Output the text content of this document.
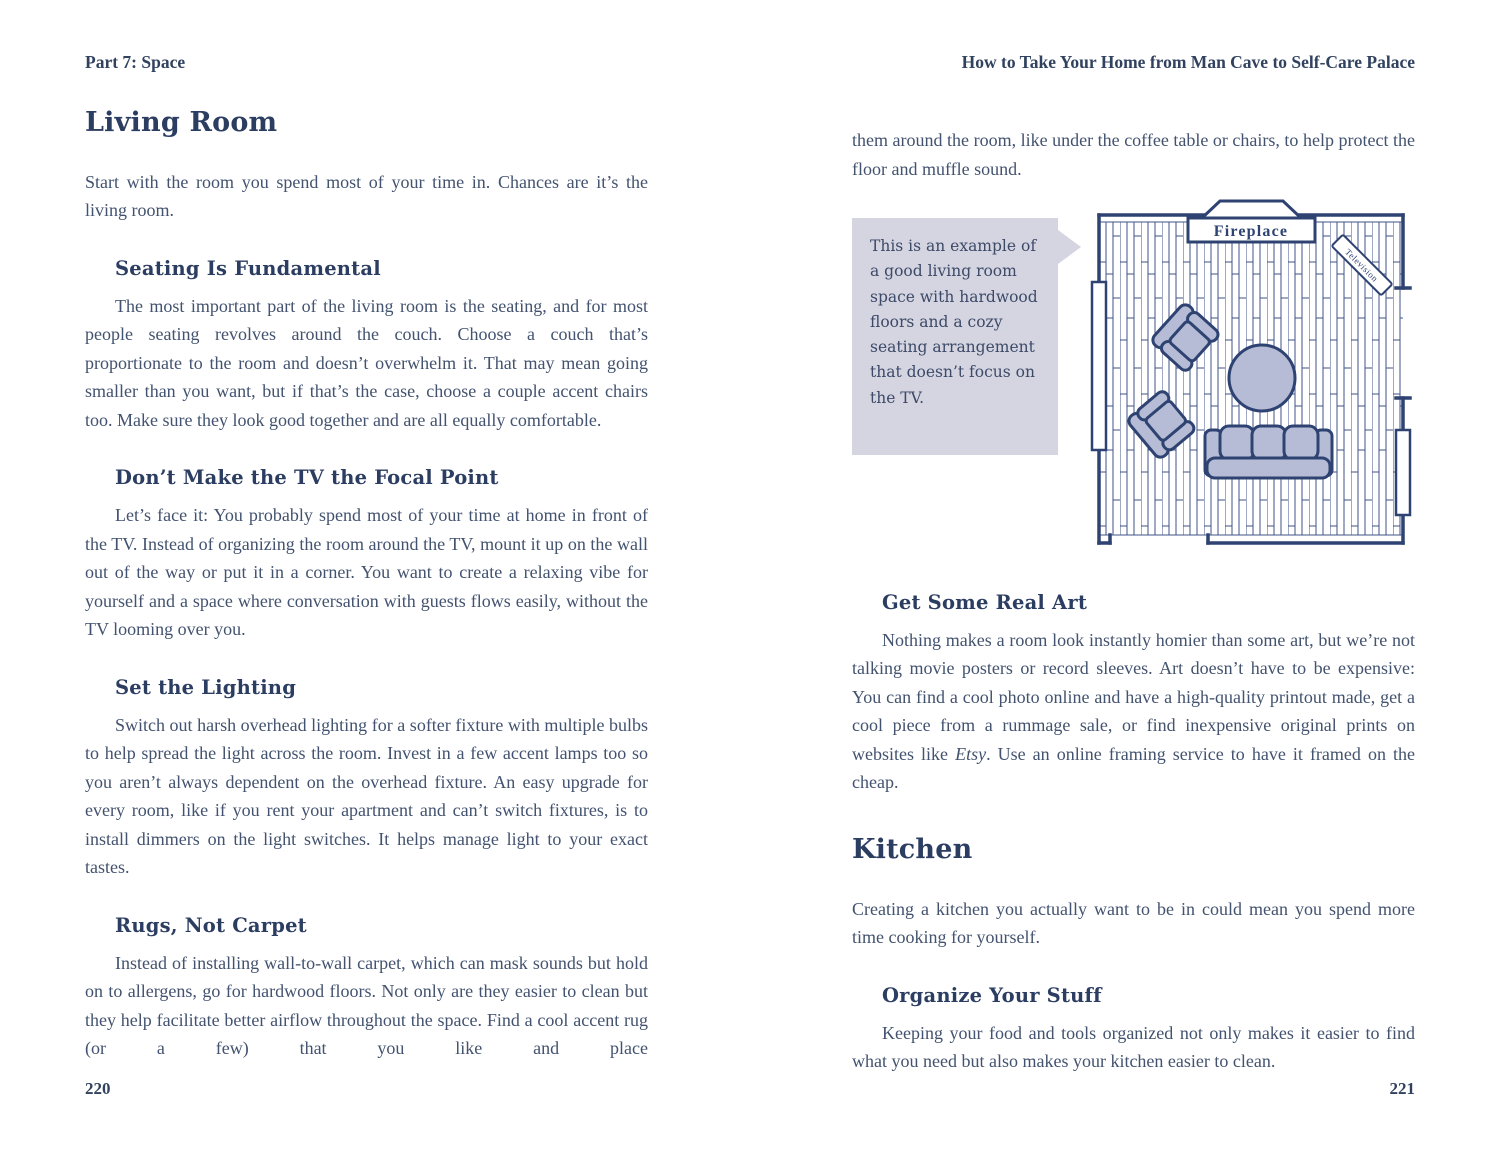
Part 7: Space
Living Room

Start with the room you spend most of your time in. Chances are it’s the living room.

Seating Is Fundamental

The most important part of the living room is the seating, and for most people seating revolves around the couch. Choose a couch that’s proportionate to the room and doesn’t overwhelm it. That may mean going smaller than you want, but if that’s the case, choose a couple accent chairs too. Make sure they look good together and are all equally comfortable.

Don’t Make the TV the Focal Point

Let’s face it: You probably spend most of your time at home in front of the TV. Instead of organizing the room around the TV, mount it up on the wall out of the way or put it in a corner. You want to create a relaxing vibe for yourself and a space where conversation with guests flows easily, without the TV looming over you.

Set the Lighting

Switch out harsh overhead lighting for a softer fixture with multiple bulbs to help spread the light across the room. Invest in a few accent lamps too so you aren’t always dependent on the overhead fixture. An easy upgrade for every room, like if you rent your apartment and can’t switch fixtures, is to install dimmers on the light switches. It helps manage light to your exact tastes.

Rugs, Not Carpet

Instead of installing wall-to-wall carpet, which can mask sounds but hold on to allergens, go for hardwood floors. Not only are they easier to clean but they help facilitate better airflow throughout the space. Find a cool accent rug (or a few) that you like and place

220
How to Take Your Home from Man Cave to Self-Care Palace

them around the room, like under the coffee table or chairs, to help protect the floor and muffle sound.

This is an example of a good living room space with hardwood floors and a cozy seating arrangement that doesn’t focus on the TV.
Television
Fireplace
Get Some Real Art

Nothing makes a room look instantly homier than some art, but we’re not talking movie posters or record sleeves. Art doesn’t have to be expensive: You can find a cool photo online and have a high-quality printout made, get a cool piece from a rummage sale, or find inexpensive original prints on websites like Etsy. Use an online framing service to have it framed on the cheap.

Kitchen

Creating a kitchen you actually want to be in could mean you spend more time cooking for yourself.

Organize Your Stuff

Keeping your food and tools organized not only makes it easier to find what you need but also makes your kitchen easier to clean.

221
